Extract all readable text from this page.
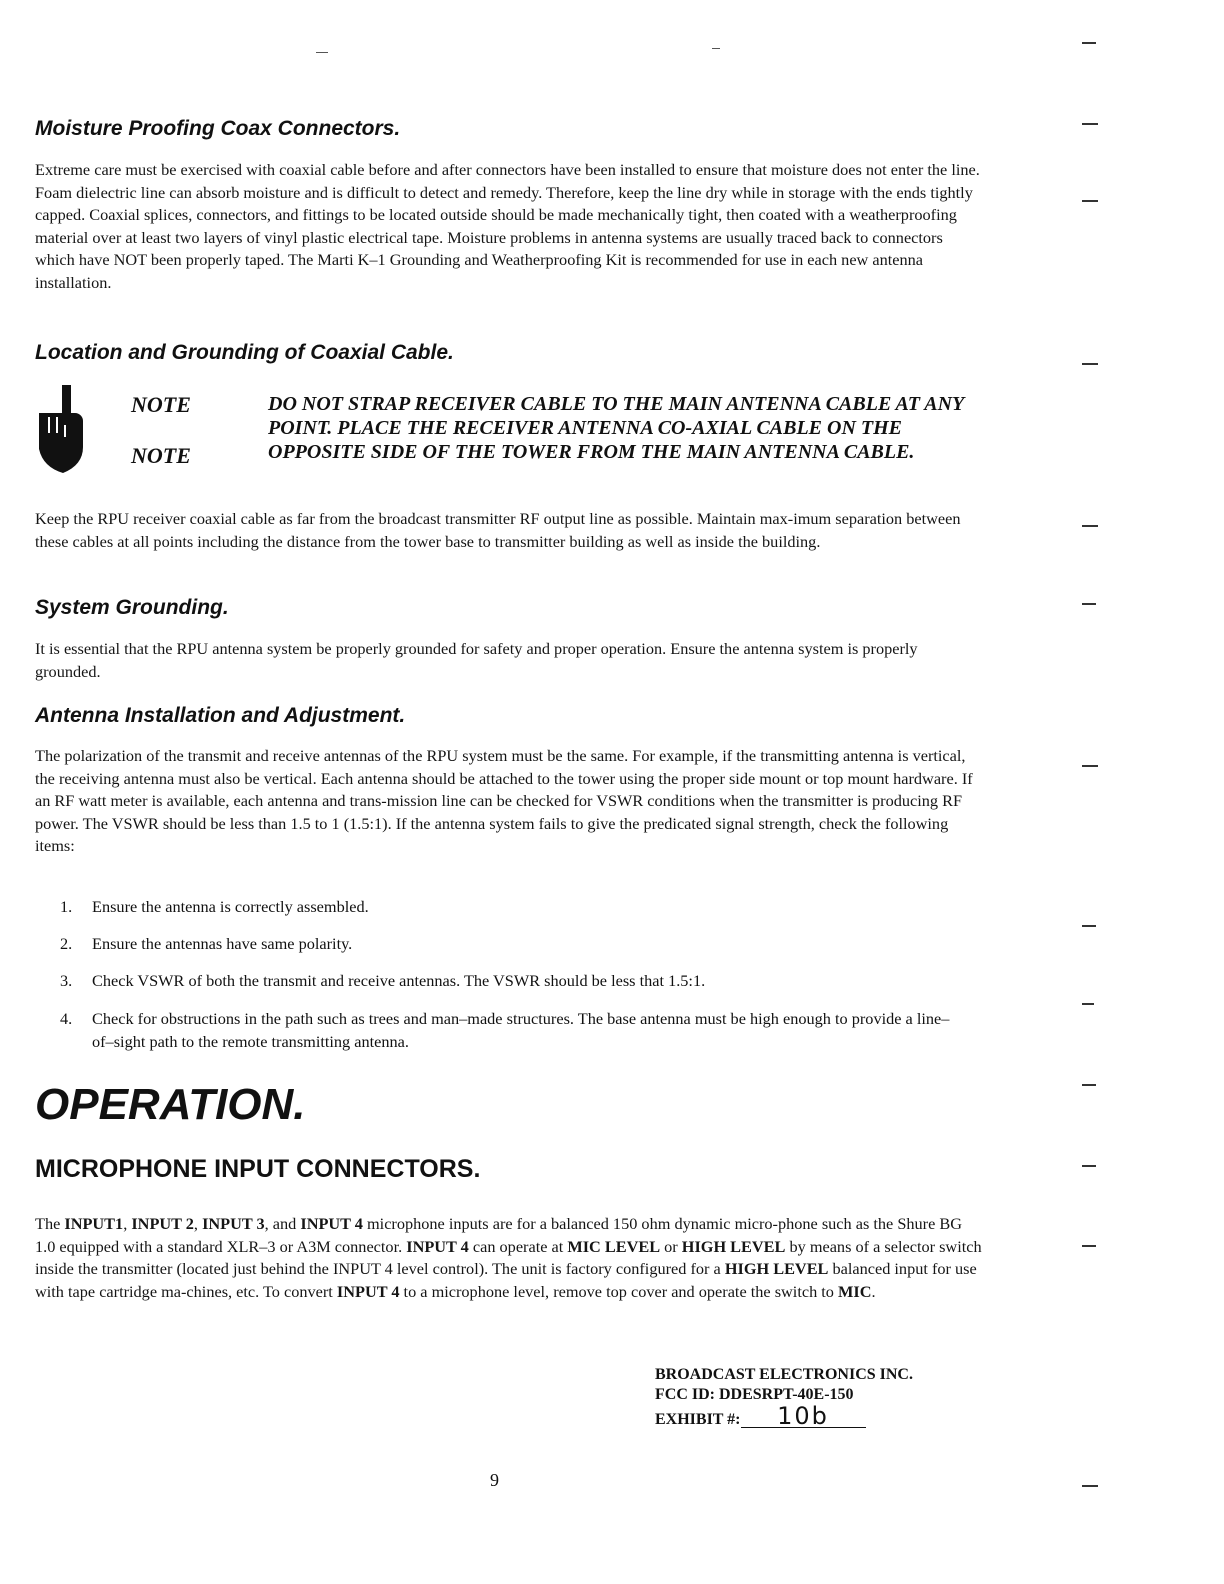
Moisture Proofing Coax Connectors.

Extreme care must be exercised with coaxial cable before and after connectors have been installed to ensure that moisture does not enter the line. Foam dielectric line can absorb moisture and is difficult to detect and remedy. Therefore, keep the line dry while in storage with the ends tightly capped. Coaxial splices, connectors, and fittings to be located outside should be made mechanically tight, then coated with a weatherproofing material over at least two layers of vinyl plastic electrical tape. Moisture problems in antenna systems are usually traced back to connectors which have NOT been properly taped. The Marti K–1 Grounding and Weatherproofing Kit is recommended for use in each new antenna installation.

Location and Grounding of Coaxial Cable.
NOTE
NOTE

DO NOT STRAP RECEIVER CABLE TO THE MAIN ANTENNA CABLE AT ANY POINT. PLACE THE RECEIVER ANTENNA CO-AXIAL CABLE ON THE OPPOSITE SIDE OF THE TOWER FROM THE MAIN ANTENNA CABLE.

Keep the RPU receiver coaxial cable as far from the broadcast transmitter RF output line as possible. Maintain max-imum separation between these cables at all points including the distance from the tower base to transmitter building as well as inside the building.

System Grounding.

It is essential that the RPU antenna system be properly grounded for safety and proper operation. Ensure the antenna system is properly grounded.

Antenna Installation and Adjustment.

The polarization of the transmit and receive antennas of the RPU system must be the same. For example, if the transmitting antenna is vertical, the receiving antenna must also be vertical. Each antenna should be attached to the tower using the proper side mount or top mount hardware. If an RF watt meter is available, each antenna and trans-mission line can be checked for VSWR conditions when the transmitter is producing RF power. The VSWR should be less than 1.5 to 1 (1.5:1). If the antenna system fails to give the predicated signal strength, check the following items:

1.	Ensure the antenna is correctly assembled.
2.	Ensure the antennas have same polarity.
3.	Check VSWR of both the transmit and receive antennas. The VSWR should be less that 1.5:1.
4.	Check for obstructions in the path such as trees and man–made structures. The base antenna must be high enough to provide a line–of–sight path to the remote transmitting antenna.
OPERATION.
MICROPHONE INPUT CONNECTORS.

The INPUT1, INPUT 2, INPUT 3, and INPUT 4 microphone inputs are for a balanced 150 ohm dynamic micro-phone such as the Shure BG 1.0 equipped with a standard XLR–3 or A3M connector. INPUT 4 can operate at MIC LEVEL or HIGH LEVEL by means of a selector switch inside the transmitter (located just behind the INPUT 4 level control). The unit is factory configured for a HIGH LEVEL balanced input for use with tape cartridge ma-chines, etc. To convert INPUT 4 to a microphone level, remove top cover and operate the switch to MIC.

BROADCAST ELECTRONICS INC.
FCC ID: DDESRPT-40E-150
EXHIBIT #: 10b
9
